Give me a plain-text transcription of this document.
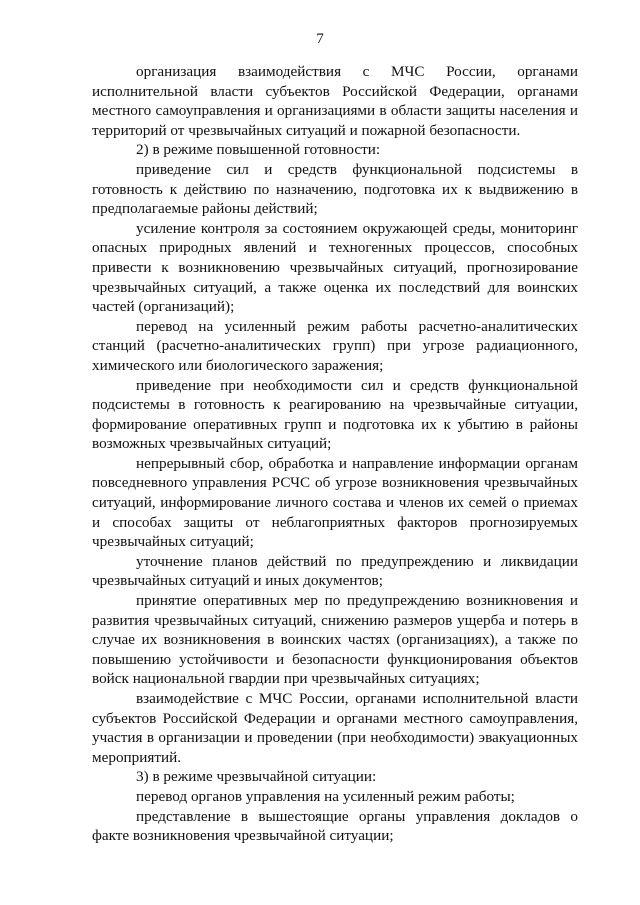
7

организация взаимодействия с МЧС России, органами исполнительной власти субъектов Российской Федерации, органами местного самоуправления и организациями в области защиты населения и территорий от чрезвычайных ситуаций и пожарной безопасности.

2) в режиме повышенной готовности:

приведение сил и средств функциональной подсистемы в готовность к действию по назначению, подготовка их к выдвижению в предполагаемые районы действий;

усиление контроля за состоянием окружающей среды, мониторинг опасных природных явлений и техногенных процессов, способных привести к возникновению чрезвычайных ситуаций, прогнозирование чрезвычайных ситуаций, а также оценка их последствий для воинских частей (организаций);

перевод на усиленный режим работы расчетно-аналитических станций (расчетно-аналитических групп) при угрозе радиационного, химического или биологического заражения;

приведение при необходимости сил и средств функциональной подсистемы в готовность к реагированию на чрезвычайные ситуации, формирование оперативных групп и подготовка их к убытию в районы возможных чрезвычайных ситуаций;

непрерывный сбор, обработка и направление информации органам повседневного управления РСЧС об угрозе возникновения чрезвычайных ситуаций, информирование личного состава и членов их семей о приемах и способах защиты от неблагоприятных факторов прогнозируемых чрезвычайных ситуаций;

уточнение планов действий по предупреждению и ликвидации чрезвычайных ситуаций и иных документов;

принятие оперативных мер по предупреждению возникновения и развития чрезвычайных ситуаций, снижению размеров ущерба и потерь в случае их возникновения в воинских частях (организациях), а также по повышению устойчивости и безопасности функционирования объектов войск национальной гвардии при чрезвычайных ситуациях;

взаимодействие с МЧС России, органами исполнительной власти субъектов Российской Федерации и органами местного самоуправления, участия в организации и проведении (при необходимости) эвакуационных мероприятий.

3) в режиме чрезвычайной ситуации:

перевод органов управления на усиленный режим работы;

представление в вышестоящие органы управления докладов о факте возникновения чрезвычайной ситуации;
